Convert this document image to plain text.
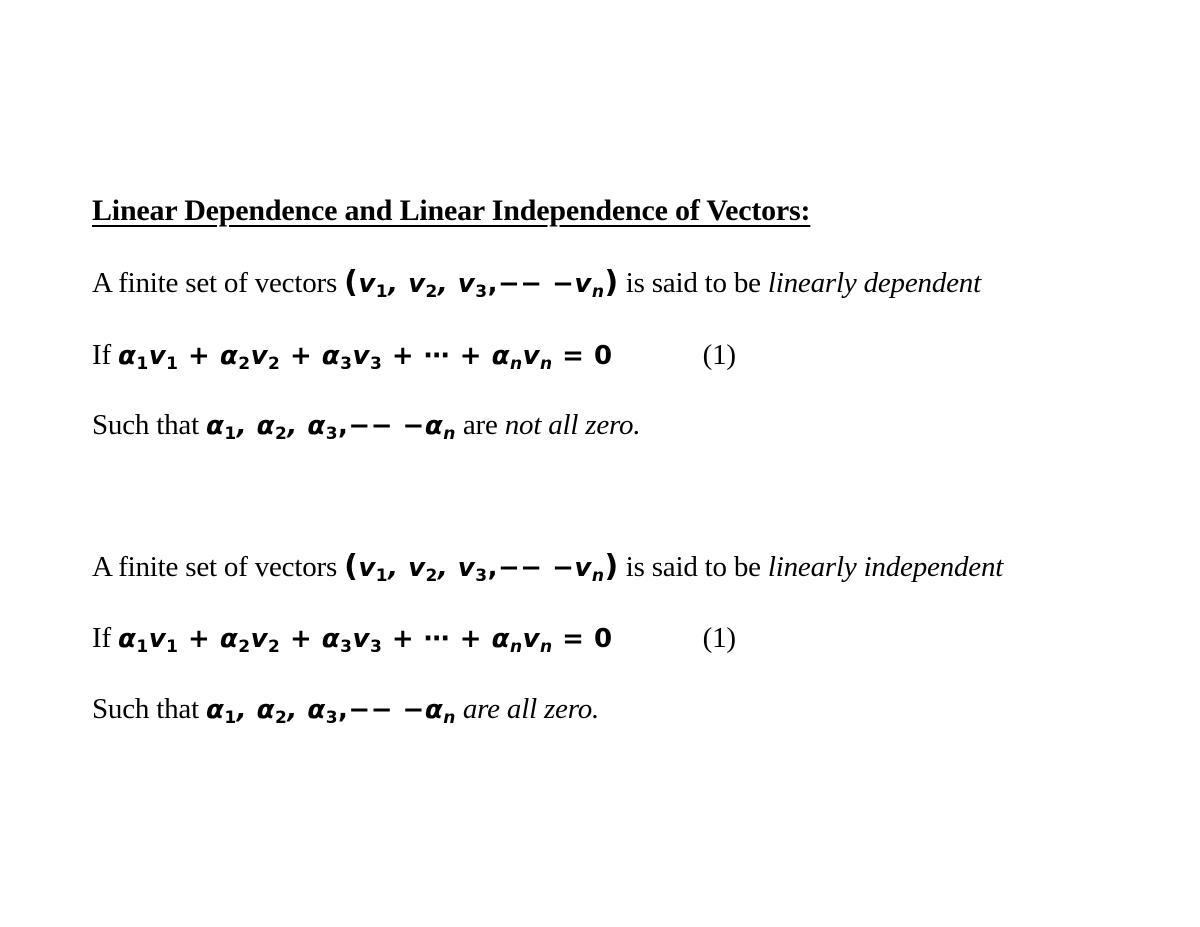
Linear Dependence and Linear Independence of Vectors:
A finite set of vectors ($v_1$, $v_2$, $v_3,-- -v_n$) is said to be linearly dependent
If $\alpha_1v_1 + \alpha_2v_2 + \alpha_3v_3$ + ⋯ + $\alpha_nv_n = 0$	(1)
Such that $\alpha_1$, $\alpha_2$, $\alpha_3,-- -\alpha_n$ are not all zero.
A finite set of vectors ($v_1$, $v_2$, $v_3,-- -v_n$) is said to be linearly independent
If $\alpha_1v_1 + \alpha_2v_2 + \alpha_3v_3$ + ⋯ + $\alpha_nv_n = 0$	(1)
Such that $\alpha_1$, $\alpha_2$, $\alpha_3,-- -\alpha_n$ are all zero.
